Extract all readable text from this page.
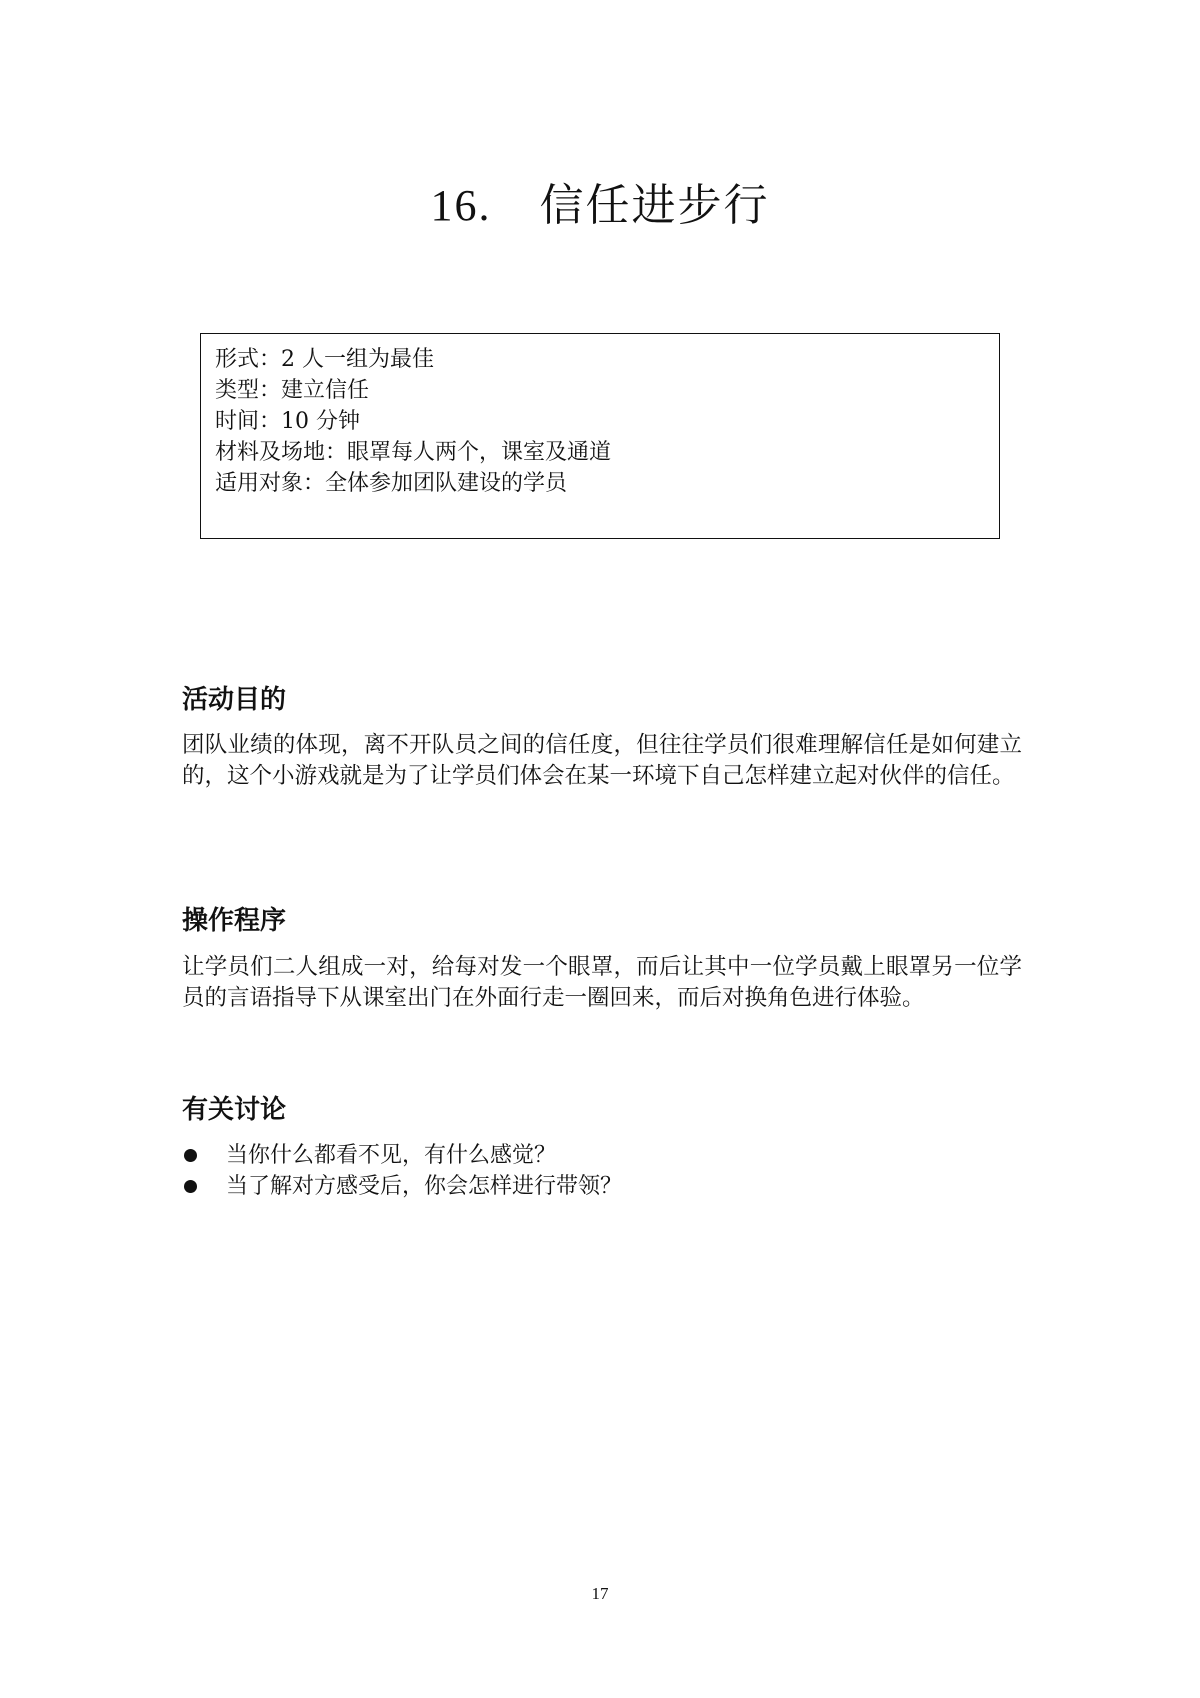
16. 信任进步行
形式：2 人一组为最佳
类型：建立信任
时间：10 分钟
材料及场地：眼罩每人两个，课室及通道
适用对象：全体参加团队建设的学员
活动目的
团队业绩的体现，离不开队员之间的信任度，但往往学员们很难理解信任是如何建立的，这个小游戏就是为了让学员们体会在某一环境下自己怎样建立起对伙伴的信任。
操作程序
让学员们二人组成一对，给每对发一个眼罩，而后让其中一位学员戴上眼罩另一位学员的言语指导下从课室出门在外面行走一圈回来，而后对换角色进行体验。
有关讨论
当你什么都看不见，有什么感觉？
当了解对方感受后，你会怎样进行带领？
17
